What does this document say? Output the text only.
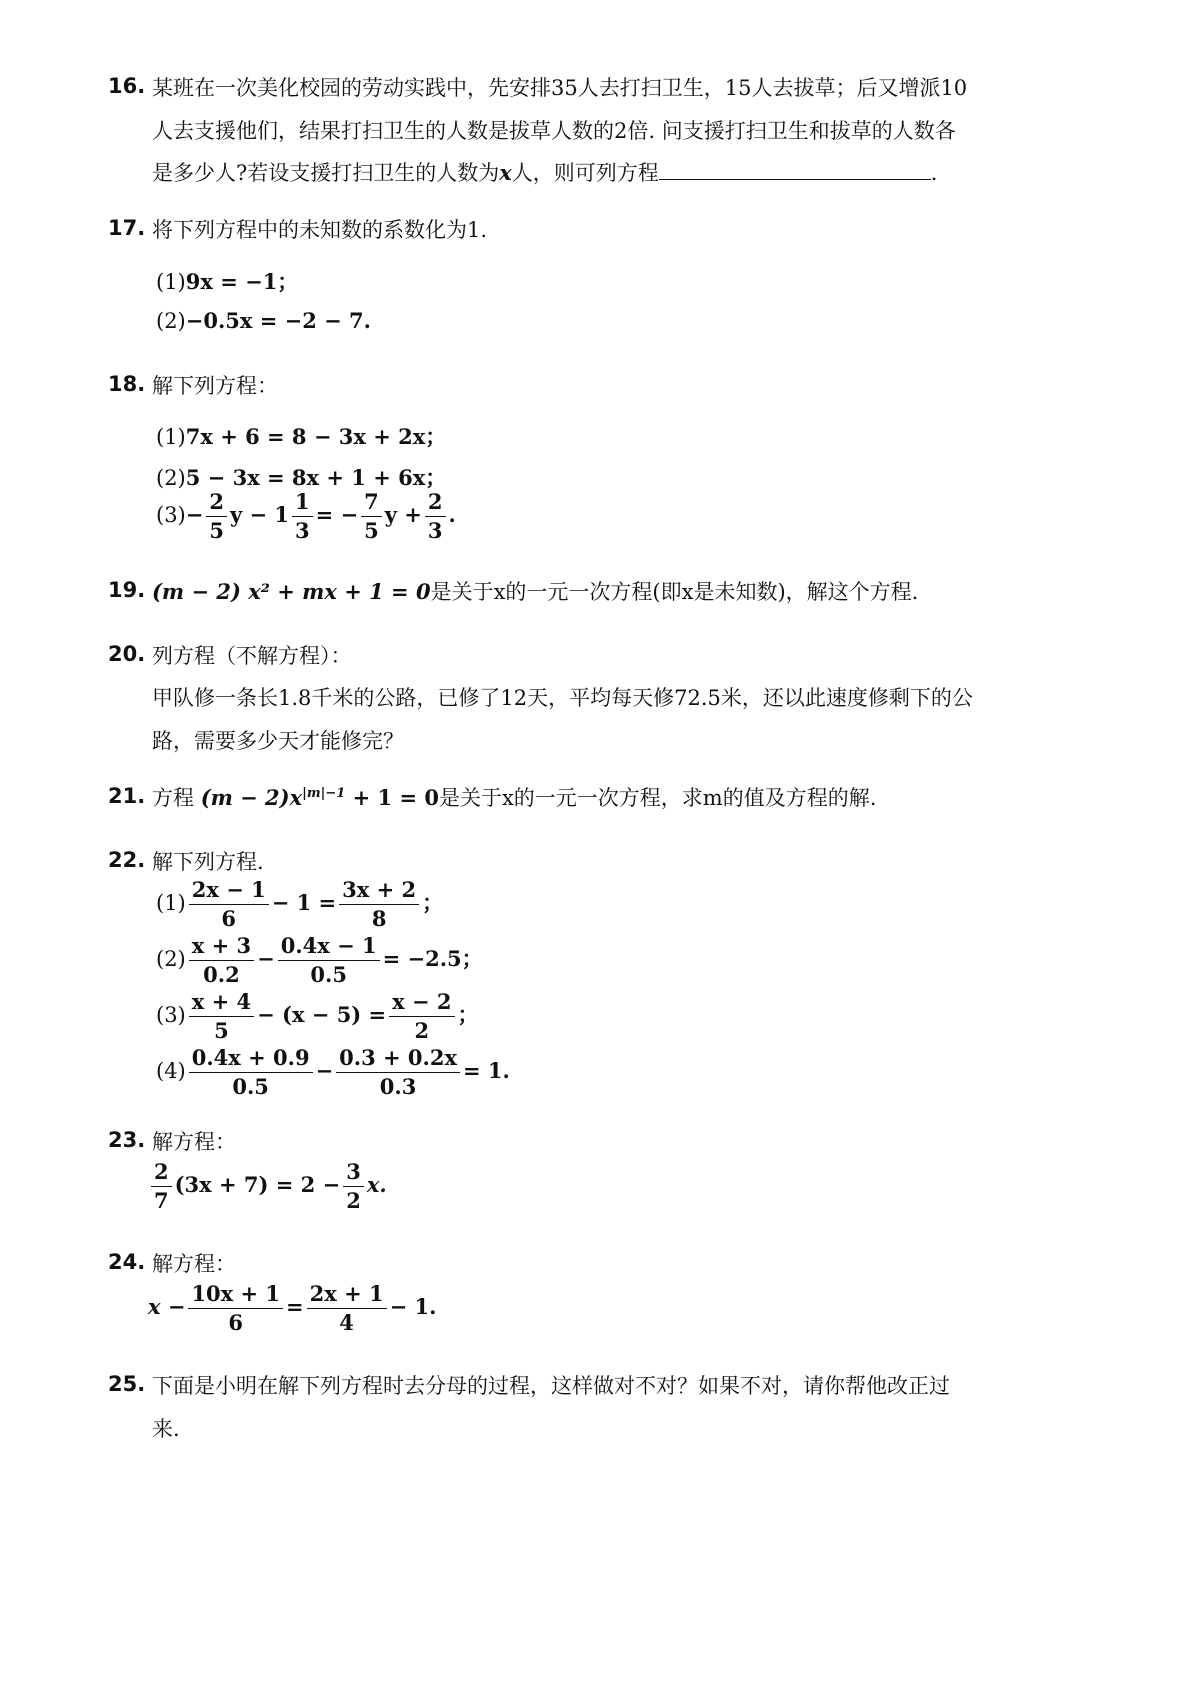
16. 某班在一次美化校园的劳动实践中，先安排35人去打扫卫生，15人去拔草；后又增派10
人去支援他们，结果打扫卫生的人数是拔草人数的2倍. 问支援打扫卫生和拔草的人数各
是多少人?若设支援打扫卫生的人数为x人，则可列方程	.
17. 将下列方程中的未知数的系数化为1.
(1)9x = −1；
(2)−0.5x = −2 − 7.
18. 解下列方程：
(1)7x + 6 = 8 − 3x + 2x；
(2)5 − 3x = 8x + 1 + 6x；
$(3)- \frac{2}{5}$ $y - 1 \frac{1}{3}$ = − $\frac{7}{5}$ $y + \frac{2}{3}$ .
19. (m − 2) x² + mx + 1 = 0是关于x的一元一次方程(即x是未知数)，解这个方程.
20. 列方程（不解方程）：
甲队修一条长1.8千米的公路，已修了12天，平均每天修72.5米，还以此速度修剩下的公
路，需要多少天才能修完？
21. 方程 $(m - 2)x^{|m|-1} + 1 = 0$是关于x的一元一次方程，求m的值及方程的解.
22. 解下列方程.
$(1) \frac{2x - 1}{6} - 1 = \frac{3x + 2}{8}$ ；
$(2) \frac{x + 3}{0.2} - \frac{0.4x - 1}{0.5} = -2.5$；
$(3) \frac{x + 4}{5} - (x - 5) = \frac{x - 2}{2}$ ；
$(4) \frac{0.4x + 0.9}{0.5} - \frac{0.3 + 0.2x}{0.3} = 1$.
23. 解方程：
$\frac{2}{7} (3x + 7) = 2 - \frac{3}{2} x$.
24. 解方程：
$x - \frac{10x + 1}{6} = \frac{2x + 1}{4} - 1$.
25. 下面是小明在解下列方程时去分母的过程，这样做对不对？如果不对，请你帮他改正过
来.
